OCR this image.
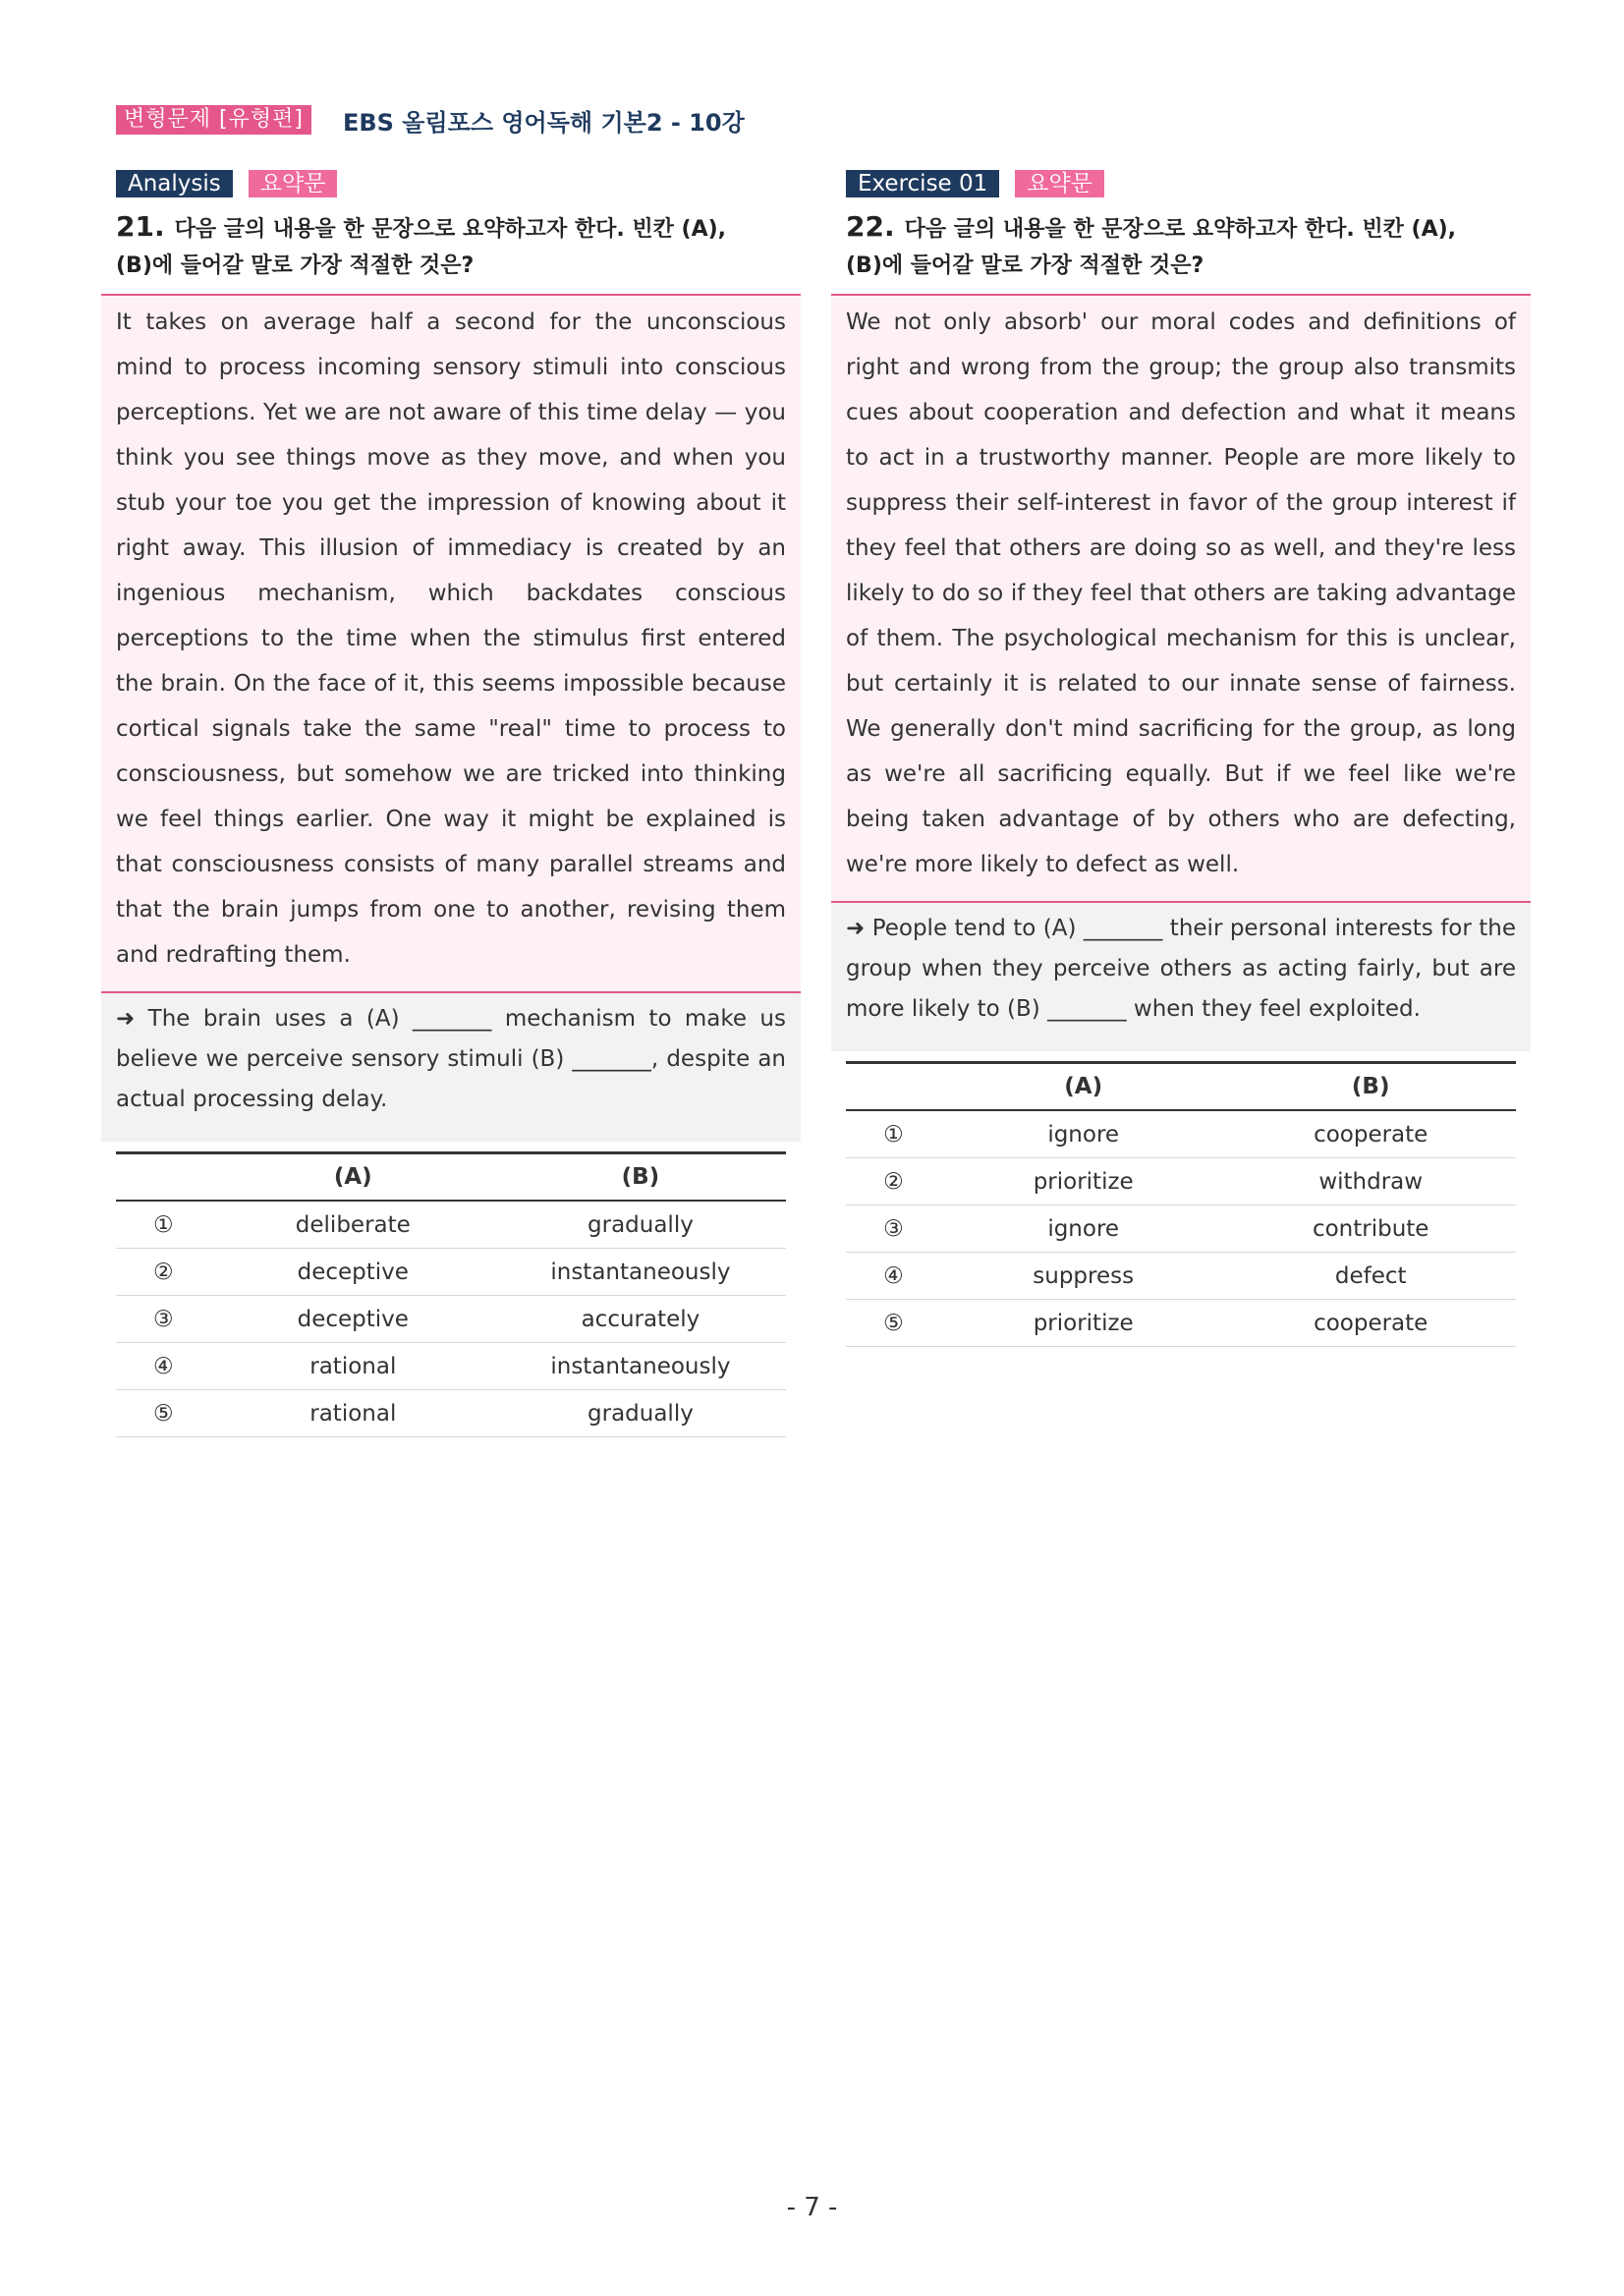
변형문제 [유형편]	EBS 올림포스 영어독해 기본2 - 10강
Analysis	요약문
21. 다음 글의 내용을 한 문장으로 요약하고자 한다. 빈칸 (A),
(B)에 들어갈 말로 가장 적절한 것은?
It takes on average half a second for the unconscious mind to process incoming sensory stimuli into conscious perceptions. Yet we are not aware of this time delay — you think you see things move as they move, and when you stub your toe you get the impression of knowing about it right away. This illusion of immediacy is created by an ingenious mechanism, which backdates conscious perceptions to the time when the stimulus first entered the brain. On the face of it, this seems impossible because cortical signals take the same "real" time to process to consciousness, but somehow we are tricked into thinking we feel things earlier. One way it might be explained is that consciousness consists of many parallel streams and that the brain jumps from one to another, revising them and redrafting them.
➜ The brain uses a (A) _______ mechanism to make us believe we perceive sensory stimuli (B) _______, despite an actual processing delay.
	(A)	(B)
①	deliberate	gradually
②	deceptive	instantaneously
③	deceptive	accurately
④	rational	instantaneously
⑤	rational	gradually
Exercise 01	요약문
22. 다음 글의 내용을 한 문장으로 요약하고자 한다. 빈칸 (A),
(B)에 들어갈 말로 가장 적절한 것은?
We not only absorb' our moral codes and definitions of right and wrong from the group; the group also transmits cues about cooperation and defection and what it means to act in a trustworthy manner. People are more likely to suppress their self-interest in favor of the group interest if they feel that others are doing so as well, and they're less likely to do so if they feel that others are taking advantage of them. The psychological mechanism for this is unclear, but certainly it is related to our innate sense of fairness. We generally don't mind sacrificing for the group, as long as we're all sacrificing equally. But if we feel like we're being taken advantage of by others who are defecting, we're more likely to defect as well.
➜ People tend to (A) _______ their personal interests for the group when they perceive others as acting fairly, but are more likely to (B) _______ when they feel exploited.
	(A)	(B)
①	ignore	cooperate
②	prioritize	withdraw
③	ignore	contribute
④	suppress	defect
⑤	prioritize	cooperate
- 7 -
